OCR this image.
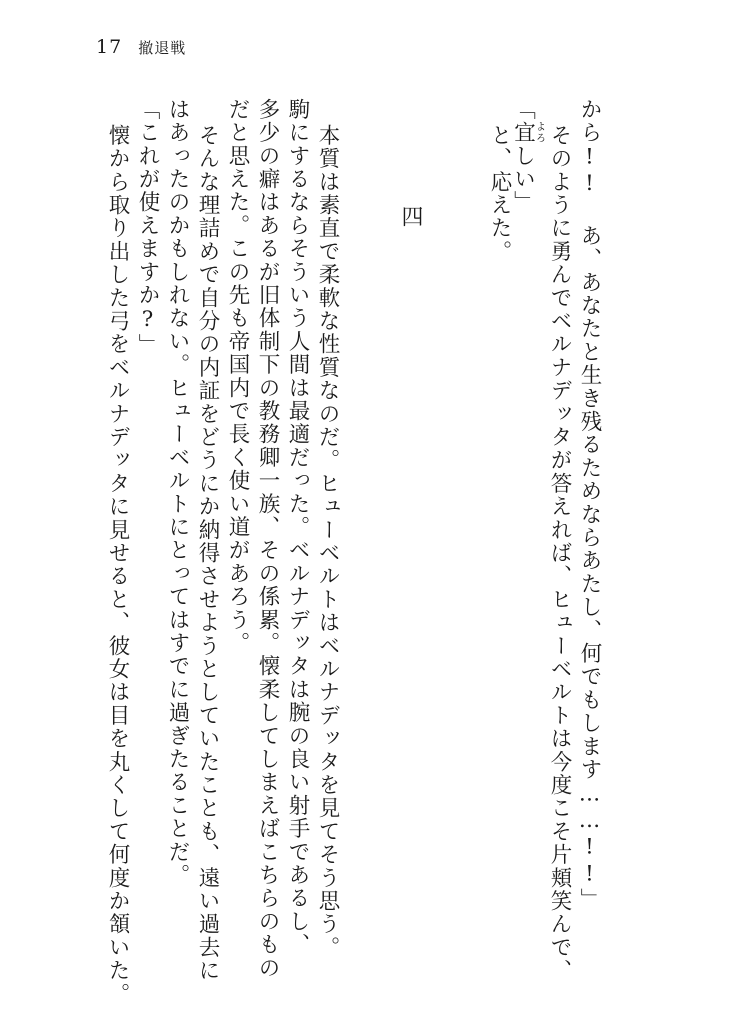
17 撤退戦
から!! あ、あなたと生き残るためならあたし、何でもします……!!」
そのように勇んでベルナデッタが答えれば、ヒューベルトは今度こそ片頬笑んで、
「宜よろしい」
と、応えた。
四
本質は素直で柔軟な性質なのだ。ヒューベルトはベルナデッタを見てそう思う。
駒にするならそういう人間は最適だった。ベルナデッタは腕の良い射手であるし、
多少の癖はあるが旧体制下の教務卿一族、その係累。懐柔してしまえばこちらのもの
だと思えた。この先も帝国内で長く使い道があろう。
そんな理詰めで自分の内証をどうにか納得させようとしていたことも、遠い過去に
はあったのかもしれない。ヒューベルトにとってはすでに過ぎたることだ。
「これが使えますか?」
懐から取り出した弓をベルナデッタに見せると、彼女は目を丸くして何度か頷いた。
